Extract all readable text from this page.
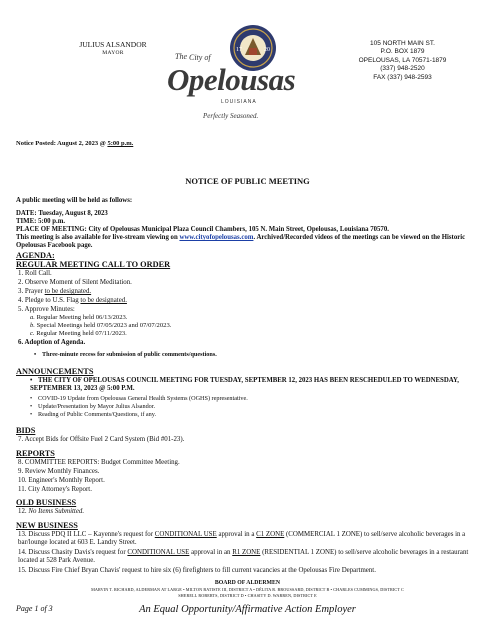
JULIUS ALSANDOR
MAYOR	17	20
The City of
Opelousas
LOUISIANA
Perfectly Seasoned.
105 NORTH MAIN ST.
P.O. BOX 1879
OPELOUSAS, LA 70571-1879
(337) 948-2520
FAX (337) 948-2593
Notice Posted: August 2, 2023 @ 5:00 p.m.
NOTICE OF PUBLIC MEETING
A public meeting will be held as follows:
DATE: Tuesday, August 8, 2023
TIME: 5:00 p.m.
PLACE OF MEETING: City of Opelousas Municipal Plaza Council Chambers, 105 N. Main Street, Opelousas, Louisiana 70570.
This meeting is also available for live-stream viewing on www.cityofopelousas.com. Archived/Recorded videos of the meetings can be viewed on the Historic Opelousas Facebook page.
AGENDA:
REGULAR MEETING CALL TO ORDER
1. Roll Call.
2. Observe Moment of Silent Meditation.
3. Prayer to be designated.
4. Pledge to U.S. Flag to be designated.
5. Approve Minutes:
a. Regular Meeting held 06/13/2023.
b. Special Meetings held 07/05/2023 and 07/07/2023.
c. Regular Meeting held 07/11/2023.
6. Adoption of Agenda.
• Three-minute recess for submission of public comments/questions.
ANNOUNCEMENTS
• THE CITY OF OPELOUSAS COUNCIL MEETING FOR TUESDAY, SEPTEMBER 12, 2023 HAS BEEN RESCHEDULED TO WEDNESDAY, SEPTEMBER 13, 2023 @ 5:00 P.M.
• COVID-19 Update from Opelousas General Health Systems (OGHS) representative.
• Update/Presentation by Mayor Julius Alsandor.
• Reading of Public Comments/Questions, if any.
BIDS
7. Accept Bids for Offsite Fuel 2 Card System (Bid #01-23).
REPORTS
8. COMMITTEE REPORTS: Budget Committee Meeting.
9. Review Monthly Finances.
10. Engineer's Monthly Report.
11. City Attorney's Report.
OLD BUSINESS
12. No Items Submitted.
NEW BUSINESS
13. Discuss PDQ II LLC – Kayenne's request for CONDITIONAL USE approval in a C1 ZONE (COMMERCIAL 1 ZONE) to sell/serve alcoholic beverages in a bar/lounge located at 603 E. Landry Street.
14. Discuss Chasity Davis's request for CONDITIONAL USE approval in an R1 ZONE (RESIDENTIAL 1 ZONE) to sell/serve alcoholic beverages in a restaurant located at 528 Park Avenue.
15. Discuss Fire Chief Bryan Chavis' request to hire six (6) firefighters to fill current vacancies at the Opelousas Fire Department.
BOARD OF ALDERMEN
MARVIN T. RICHARD, ALDERMAN AT LARGE • MILTON BATISTE III, DISTRICT A • DÉLITA R. BROUSSARD, DISTRICT B • CHARLES CUMMINGS, DISTRICT C
SHERELL ROBERTS, DISTRICT D • CHASITY D. WARREN, DISTRICT E
Page 1 of 3	An Equal Opportunity/Affirmative Action Employer
